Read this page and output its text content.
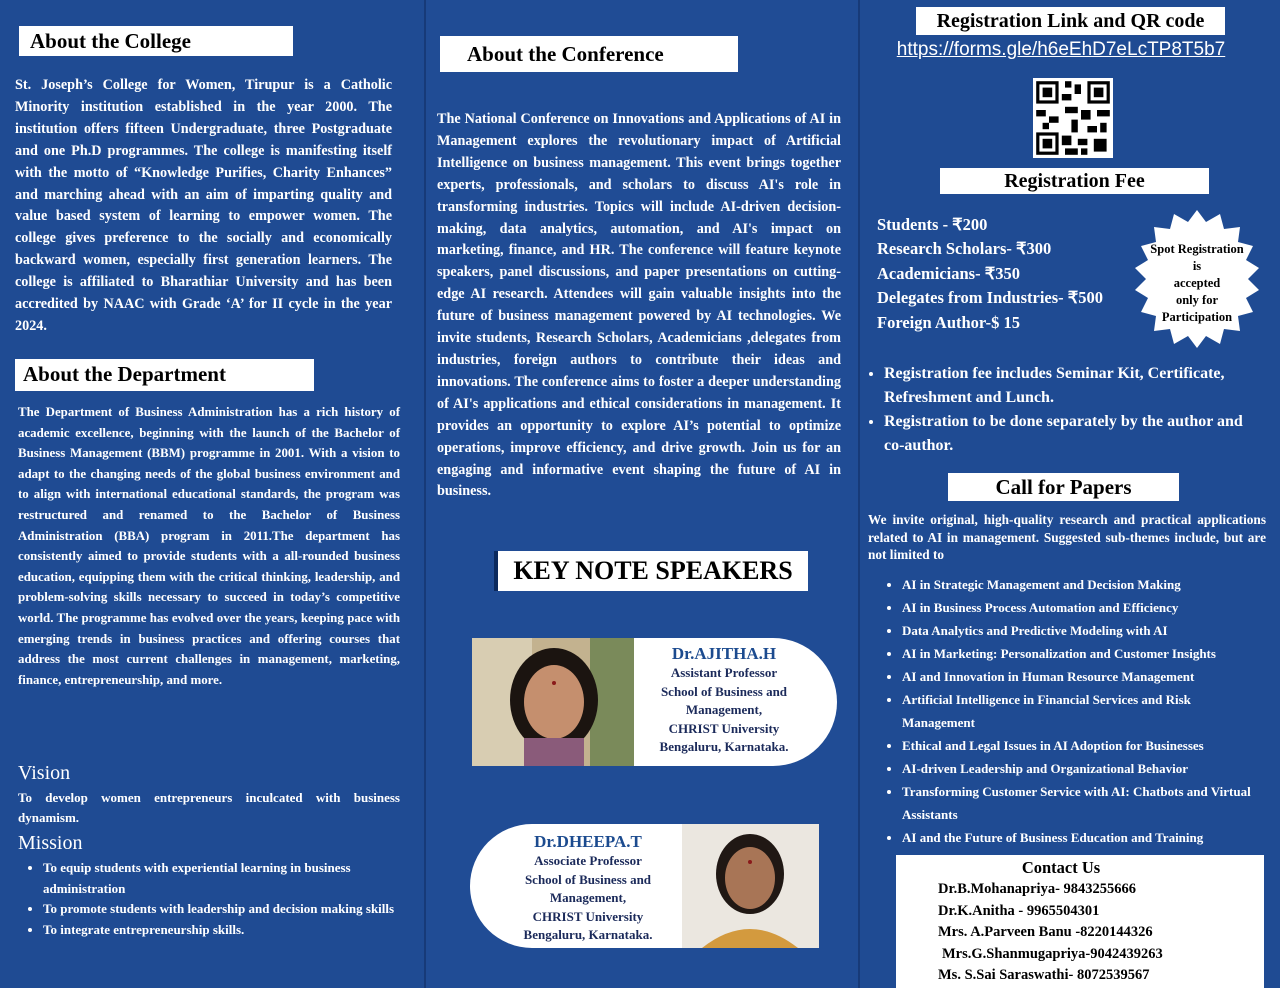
About the College
St. Joseph’s College for Women, Tirupur is a Catholic Minority institution established in the year 2000. The institution offers fifteen Undergraduate, three Postgraduate and one Ph.D programmes. The college is manifesting itself with the motto of “Knowledge Purifies, Charity Enhances” and marching ahead with an aim of imparting quality and value based system of learning to empower women. The college gives preference to the socially and economically backward women, especially first generation learners. The college is affiliated to Bharathiar University and has been accredited by NAAC with Grade ‘A’ for II cycle in the year 2024.
About the Department
The Department of Business Administration has a rich history of academic excellence, beginning with the launch of the Bachelor of Business Management (BBM) programme in 2001. With a vision to adapt to the changing needs of the global business environment and to align with international educational standards, the program was restructured and renamed to the Bachelor of Business Administration (BBA) program in 2011.The department has consistently aimed to provide students with a all-rounded business education, equipping them with the critical thinking, leadership, and problem-solving skills necessary to succeed in today’s competitive world. The programme has evolved over the years, keeping pace with emerging trends in business practices and offering courses that address the most current challenges in management, marketing, finance, entrepreneurship, and more.
Vision
To develop women entrepreneurs inculcated with business dynamism.
Mission
• To equip students with experiential learning in business administration
• To promote students with leadership and decision making skills
• To integrate entrepreneurship skills.
About the Conference
The National Conference on Innovations and Applications of AI in Management explores the revolutionary impact of Artificial Intelligence on business management. This event brings together experts, professionals, and scholars to discuss AI's role in transforming industries. Topics will include AI-driven decision-making, data analytics, automation, and AI's impact on marketing, finance, and HR. The conference will feature keynote speakers, panel discussions, and paper presentations on cutting-edge AI research. Attendees will gain valuable insights into the future of business management powered by AI technologies. We invite students, Research Scholars, Academicians ,delegates from industries, foreign authors to contribute their ideas and innovations. The conference aims to foster a deeper understanding of AI's applications and ethical considerations in management. It provides an opportunity to explore AI’s potential to optimize operations, improve efficiency, and drive growth. Join us for an engaging and informative event shaping the future of AI in business.
KEY NOTE SPEAKERS
Dr.AJITHA.H
Assistant Professor
School of Business and
Management,
CHRIST University
Bengaluru, Karnataka.
Dr.DHEEPA.T
Associate Professor
School of Business and
Management,
CHRIST University
Bengaluru, Karnataka.
Registration Link and QR code
https://forms.gle/h6eEhD7eLcTP8T5b7
Registration Fee
Students - ₹200
Research Scholars- ₹300
Academicians- ₹350
Delegates from Industries- ₹500
Foreign Author-$ 15
Spot Registration
is
accepted
only for
Participation
• Registration fee includes Seminar Kit, Certificate, Refreshment and Lunch.
• Registration to be done separately by the author and co-author.
Call for Papers
We invite original, high-quality research and practical applications related to AI in management. Suggested sub-themes include, but are not limited to
• AI in Strategic Management and Decision Making
• AI in Business Process Automation and Efficiency
• Data Analytics and Predictive Modeling with AI
• AI in Marketing: Personalization and Customer Insights
• AI and Innovation in Human Resource Management
• Artificial Intelligence in Financial Services and Risk Management
• Ethical and Legal Issues in AI Adoption for Businesses
• AI-driven Leadership and Organizational Behavior
• Transforming Customer Service with AI: Chatbots and Virtual Assistants
• AI and the Future of Business Education and Training
Contact Us
Dr.B.Mohanapriya- 9843255666
Dr.K.Anitha - 9965504301
Mrs. A.Parveen Banu -8220144326
Mrs.G.Shanmugapriya-9042439263
Ms. S.Sai Saraswathi- 8072539567
